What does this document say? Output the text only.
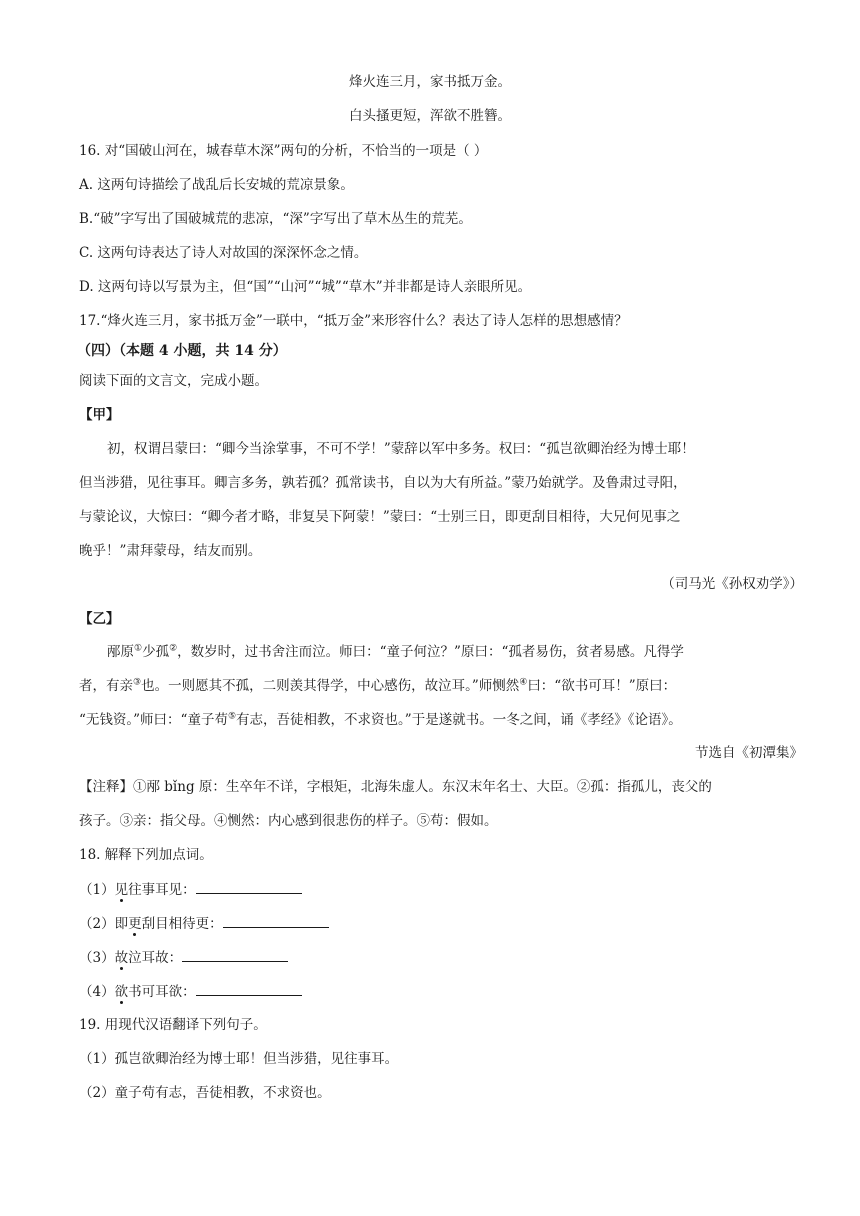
烽火连三月，家书抵万金。
白头搔更短，浑欲不胜簪。
16. 对“国破山河在，城春草木深”两句的分析，不恰当的一项是（ ）
A. 这两句诗描绘了战乱后长安城的荒凉景象。
B.“破”字写出了国破城荒的悲凉，“深”字写出了草木丛生的荒芜。
C. 这两句诗表达了诗人对故国的深深怀念之情。
D. 这两句诗以写景为主，但“国”“山河”“城”“草木”并非都是诗人亲眼所见。
17.“烽火连三月，家书抵万金”一联中，“抵万金”来形容什么？表达了诗人怎样的思想感情？
（四）（本题 4 小题，共 14 分）
阅读下面的文言文，完成小题。
【甲】
初，权谓吕蒙曰：“卿今当涂掌事，不可不学！”蒙辞以军中多务。权曰：“孤岂欲卿治经为博士耶！
但当涉猎，见往事耳。卿言多务，孰若孤？孤常读书，自以为大有所益。”蒙乃始就学。及鲁肃过寻阳，
与蒙论议，大惊曰：“卿今者才略，非复吴下阿蒙！”蒙曰：“士别三日，即更刮目相待，大兄何见事之
晚乎！”肃拜蒙母，结友而别。
（司马光《孙权劝学》）
【乙】
邴原①少孤②，数岁时，过书舍注而泣。师曰：“童子何泣？”原曰：“孤者易伤，贫者易感。凡得学
者，有亲③也。一则愿其不孤，二则羡其得学，中心感伤，故泣耳。”师恻然④曰：“欲书可耳！”原曰：
“无钱资。”师曰：“童子苟⑤有志，吾徒相教，不求资也。”于是遂就书。一冬之间，诵《孝经》《论语》。
节选自《初潭集》
【注释】①邴 bǐng 原：生卒年不详，字根矩，北海朱虚人。东汉末年名士、大臣。②孤：指孤儿，丧父的
孩子。③亲：指父母。④恻然：内心感到很悲伤的样子。⑤苟：假如。
18. 解释下列加点词。
（1）见往事耳见：
（2）即更刮目相待更：
（3）故泣耳故：
（4）欲书可耳欲：
19. 用现代汉语翻译下列句子。
（1）孤岂欲卿治经为博士耶！但当涉猎，见往事耳。
（2）童子苟有志，吾徒相教，不求资也。
